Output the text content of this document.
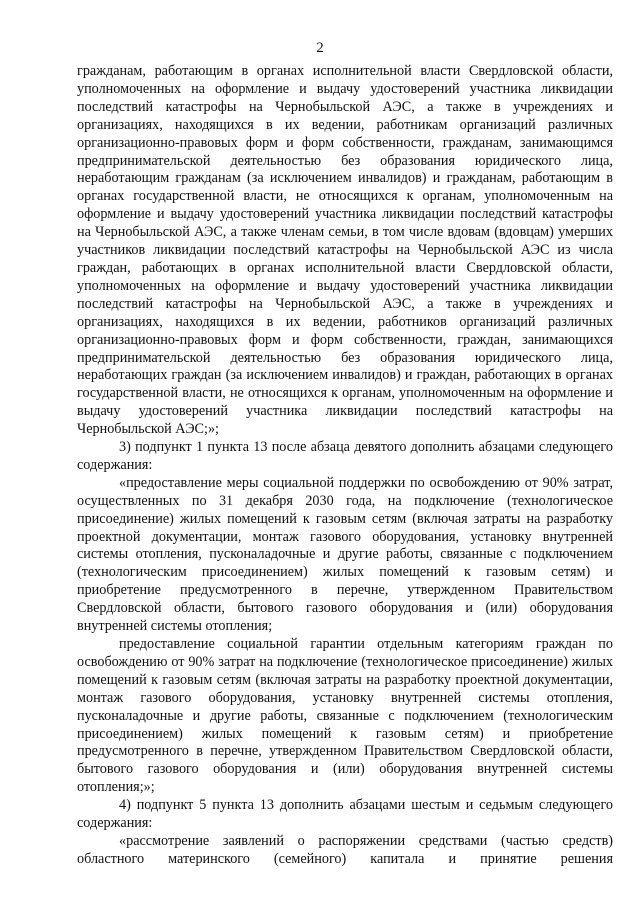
2

гражданам, работающим в органах исполнительной власти Свердловской области, уполномоченных на оформление и выдачу удостоверений участника ликвидации последствий катастрофы на Чернобыльской АЭС, а также в учреждениях и организациях, находящихся в их ведении, работникам организаций различных организационно-правовых форм и форм собственности, гражданам, занимающимся предпринимательской деятельностью без образования юридического лица, неработающим гражданам (за исключением инвалидов) и гражданам, работающим в органах государственной власти, не относящихся к органам, уполномоченным на оформление и выдачу удостоверений участника ликвидации последствий катастрофы на Чернобыльской АЭС, а также членам семьи, в том числе вдовам (вдовцам) умерших участников ликвидации последствий катастрофы на Чернобыльской АЭС из числа граждан, работающих в органах исполнительной власти Свердловской области, уполномоченных на оформление и выдачу удостоверений участника ликвидации последствий катастрофы на Чернобыльской АЭС, а также в учреждениях и организациях, находящихся в их ведении, работников организаций различных организационно-правовых форм и форм собственности, граждан, занимающихся предпринимательской деятельностью без образования юридического лица, неработающих граждан (за исключением инвалидов) и граждан, работающих в органах государственной власти, не относящихся к органам, уполномоченным на оформление и выдачу удостоверений участника ликвидации последствий катастрофы на Чернобыльской АЭС;»;

3) подпункт 1 пункта 13 после абзаца девятого дополнить абзацами следующего содержания:

«предоставление меры социальной поддержки по освобождению от 90% затрат, осуществленных по 31 декабря 2030 года, на подключение (технологическое присоединение) жилых помещений к газовым сетям (включая затраты на разработку проектной документации, монтаж газового оборудования, установку внутренней системы отопления, пусконаладочные и другие работы, связанные с подключением (технологическим присоединением) жилых помещений к газовым сетям) и приобретение предусмотренного в перечне, утвержденном Правительством Свердловской области, бытового газового оборудования и (или) оборудования внутренней системы отопления;

предоставление социальной гарантии отдельным категориям граждан по освобождению от 90% затрат на подключение (технологическое присоединение) жилых помещений к газовым сетям (включая затраты на разработку проектной документации, монтаж газового оборудования, установку внутренней системы отопления, пусконаладочные и другие работы, связанные с подключением (технологическим присоединением) жилых помещений к газовым сетям) и приобретение предусмотренного в перечне, утвержденном Правительством Свердловской области, бытового газового оборудования и (или) оборудования внутренней системы отопления;»;

4) подпункт 5 пункта 13 дополнить абзацами шестым и седьмым следующего содержания:

«рассмотрение заявлений о распоряжении средствами (частью средств) областного материнского (семейного) капитала и принятие решения
